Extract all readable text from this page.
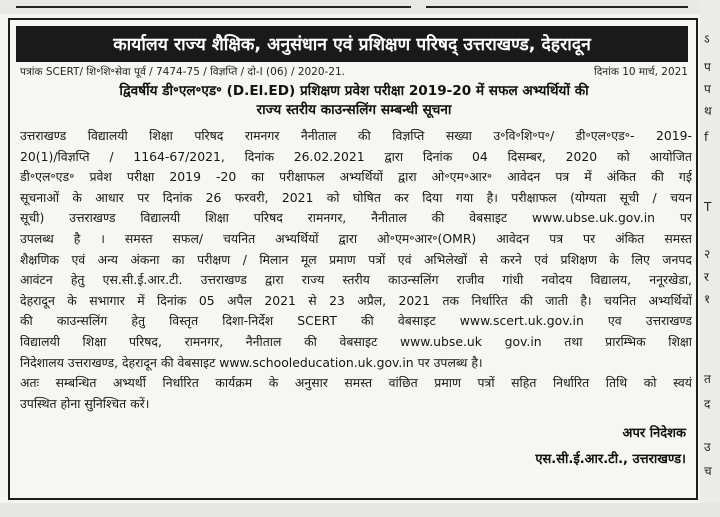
ऽ
प
प
थ
f
T
२
र
१
त
द
उ
च
कार्यालय राज्य शैक्षिक, अनुसंधान एवं प्रशिक्षण परिषद् उत्तराखण्ड, देहरादून
पत्रांक SCERT/ शि॰शि॰सेवा पूर्व / 7474-75 / विज्ञप्ति / दो-I (06) / 2020-21.	दिनांक 10 मार्च, 2021
द्विवर्षीय डी॰एल॰एड॰ (D.El.ED) प्रशिक्षण प्रवेश परीक्षा 2019-20 में सफल अभ्यर्थियों की
राज्य स्तरीय काउन्सलिंग सम्बन्धी सूचना
उत्तराखण्ड विद्यालयी शिक्षा परिषद रामनगर नैनीताल की विज्ञप्ति सख्या उ॰वि॰शि॰प॰/ डी॰एल॰एड॰- 2019-
20(1)/विज्ञप्ति / 1164-67/2021, दिनांक 26.02.2021 द्वारा दिनांक 04 दिसम्बर, 2020 को आयोजित
डी॰एल॰एड॰ प्रवेश परीक्षा 2019 -20 का परीक्षाफल अभ्यर्थियों द्वारा ओ॰एम॰आर॰ आवेदन पत्र में अंकित की गई
सूचनाओं के आधार पर दिनांक 26 फरवरी, 2021 को घोषित कर दिया गया है। परीक्षाफल (योग्यता सूची / चयन
सूची) उत्तराखण्ड विद्यालयी शिक्षा परिषद रामनगर, नैनीताल की वेबसाइट www.ubse.uk.gov.in पर
उपलब्ध है । समस्त सफल/ चयनित अभ्यर्थियों द्वारा ओ॰एम॰आर॰(OMR) आवेदन पत्र पर अंकित समस्त
शैक्षणिक एवं अन्य अंकना का परीक्षण / मिलान मूल प्रमाण पत्रों एवं अभिलेखों से करने एवं प्रशिक्षण के लिए जनपद
आवंटन हेतु एस.सी.ई.आर.टी. उत्तराखण्ड द्वारा राज्य स्तरीय काउन्सलिंग राजीव गांधी नवोदय विद्यालय, ननूरखेडा,
देहरादून के सभागार में दिनांक 05 अपैल 2021 से 23 अप्रैल, 2021 तक निर्धारित की जाती है। चयनित अभ्यर्थियों
की काउन्सलिंग हेतु विस्तृत दिशा-निर्देश SCERT की वेबसाइट www.scert.uk.gov.in एव उत्तराखण्ड
विद्यालयी शिक्षा परिषद, रामनगर, नैनीताल की वेबसाइट www.ubse.uk gov.in तथा प्रारम्भिक शिक्षा
निदेशालय उत्तराखण्ड, देहरादून की वेबसाइट www.schooleducation.uk.gov.in पर उपलब्ध है।
अतः सम्बन्धित अभ्यर्थी निर्धारित कार्यक्रम के अनुसार समस्त वांछित प्रमाण पत्रों सहित निर्धारित तिथि को स्वयं
उपस्थित होना सुनिश्चित करें।
अपर निदेशक
एस.सी.ई.आर.टी., उत्तराखण्ड।
